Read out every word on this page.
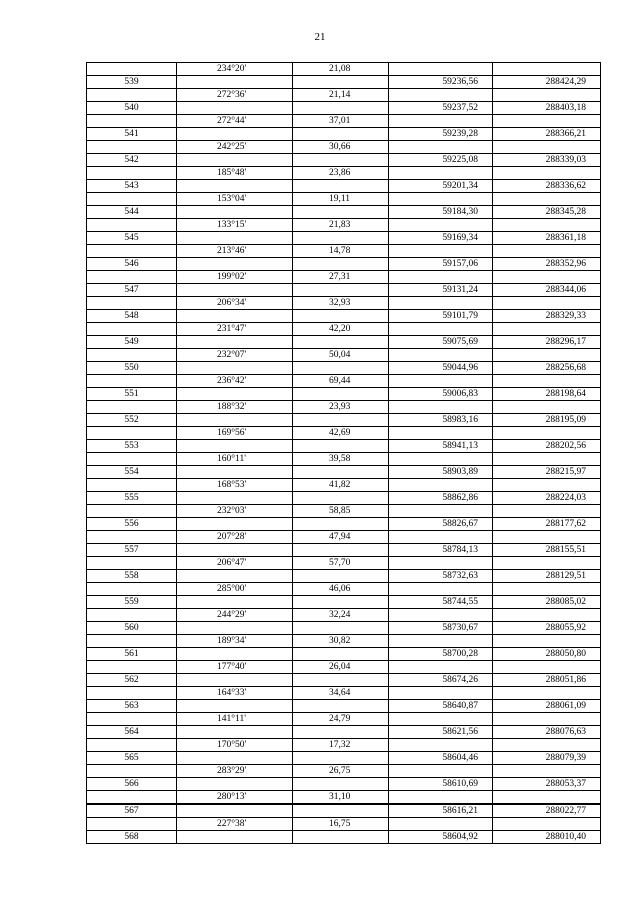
21
	234°20'	21,08		
539			59236,56	288424,29
	272°36'	21,14		
540			59237,52	288403,18
	272°44'	37,01		
541			59239,28	288366,21
	242°25'	30,66		
542			59225,08	288339,03
	185°48'	23,86		
543			59201,34	288336,62
	153°04'	19,11		
544			59184,30	288345,28
	133°15'	21,83		
545			59169,34	288361,18
	213°46'	14,78		
546			59157,06	288352,96
	199°02'	27,31		
547			59131,24	288344,06
	206°34'	32,93		
548			59101,79	288329,33
	231°47'	42,20		
549			59075,69	288296,17
	232°07'	50,04		
550			59044,96	288256,68
	236°42'	69,44		
551			59006,83	288198,64
	188°32'	23,93		
552			58983,16	288195,09
	169°56'	42,69		
553			58941,13	288202,56
	160°11'	39,58		
554			58903,89	288215,97
	168°53'	41,82		
555			58862,86	288224,03
	232°03'	58,85		
556			58826,67	288177,62
	207°28'	47,94		
557			58784,13	288155,51
	206°47'	57,70		
558			58732,63	288129,51
	285°00'	46,06		
559			58744,55	288085,02
	244°29'	32,24		
560			58730,67	288055,92
	189°34'	30,82		
561			58700,28	288050,80
	177°40'	26,04		
562			58674,26	288051,86
	164°33'	34,64		
563			58640,87	288061,09
	141°11'	24,79		
564			58621,56	288076,63
	170°50'	17,32		
565			58604,46	288079,39
	283°29'	26,75		
566			58610,69	288053,37
	280°13'	31,10		
567			58616,21	288022,77
	227°38'	16,75		
568			58604,92	288010,40
